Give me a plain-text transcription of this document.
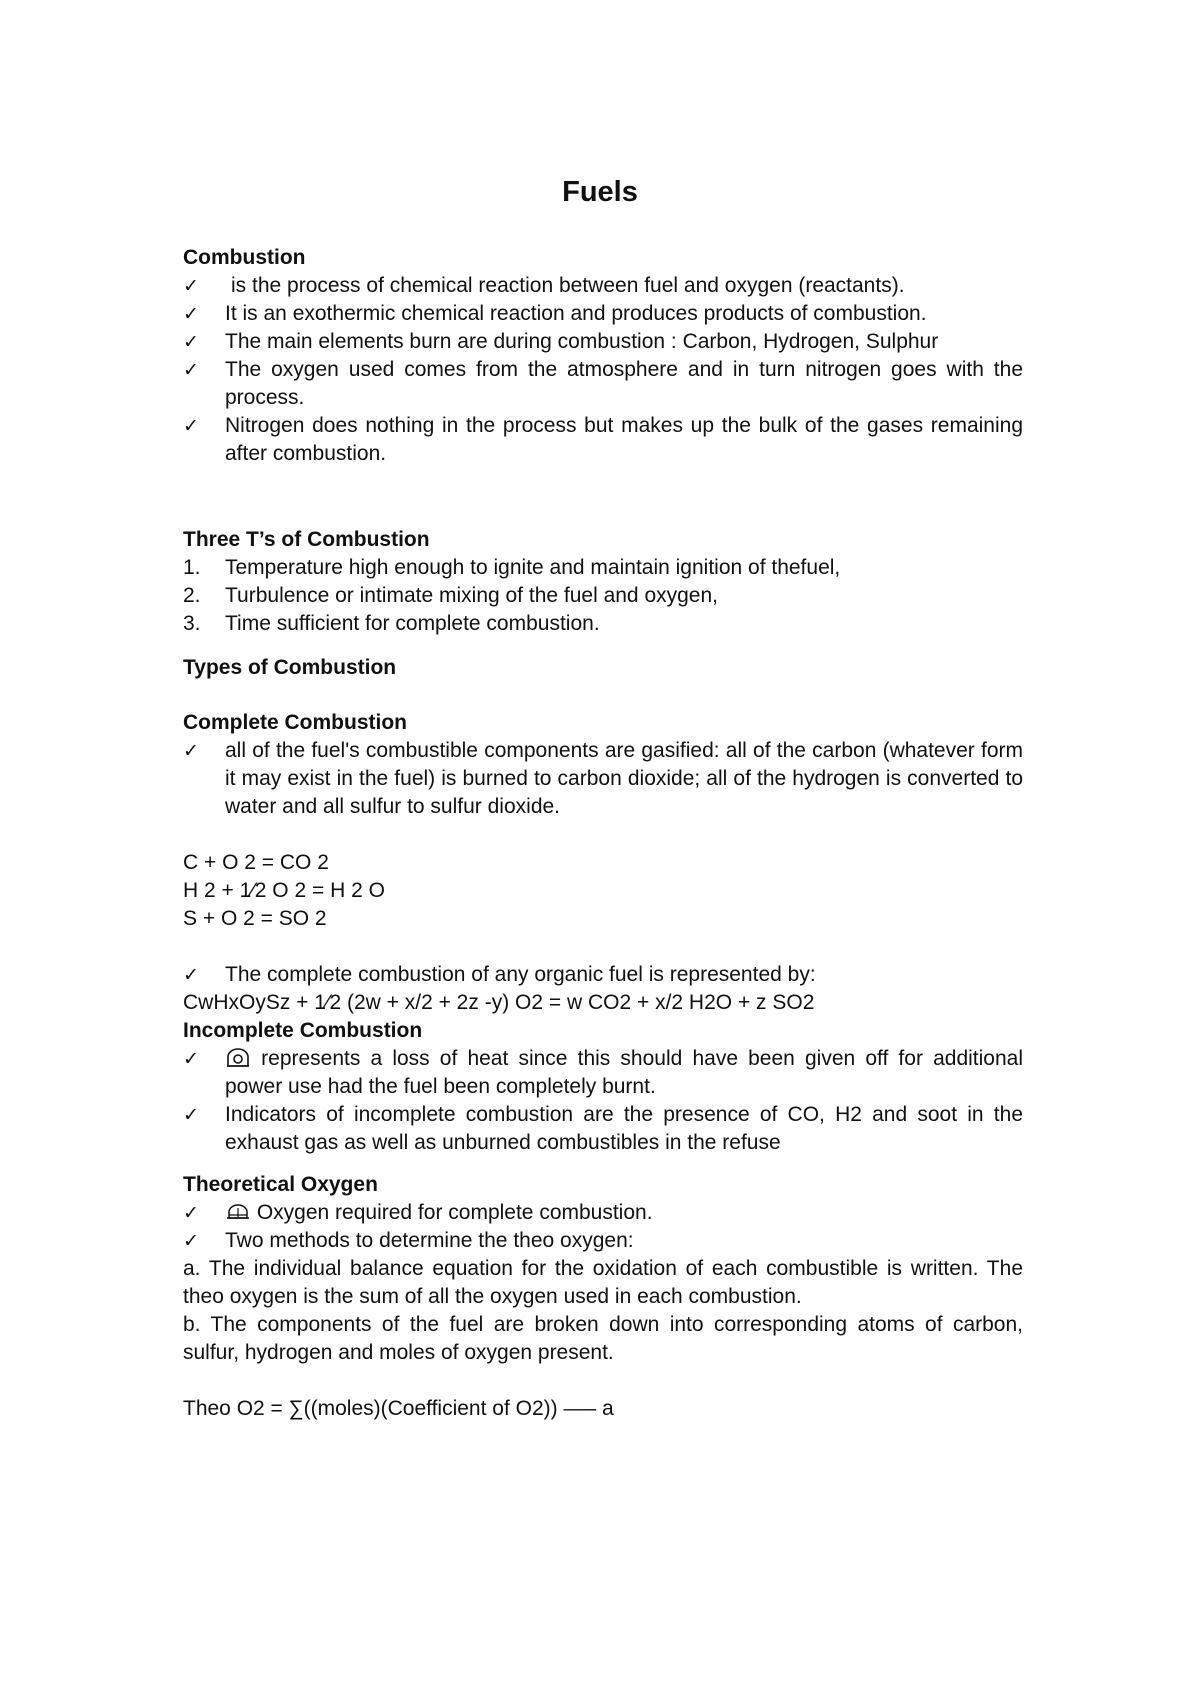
Fuels
Combustion
✓	is the process of chemical reaction between fuel and oxygen (reactants).
✓	It is an exothermic chemical reaction and produces products of combustion.
✓	The main elements burn are during combustion : Carbon, Hydrogen, Sulphur
✓	The oxygen used comes from the atmosphere and in turn nitrogen goes with the process.
✓	Nitrogen does nothing in the process but makes up the bulk of the gases remaining after combustion.
Three T’s of Combustion
1.	Temperature high enough to ignite and maintain ignition of thefuel,
2.	Turbulence or intimate mixing of the fuel and oxygen,
3.	Time sufficient for complete combustion.
Types of Combustion
Complete Combustion
✓	all of the fuel's combustible components are gasified: all of the carbon (whatever form it may exist in the fuel) is burned to carbon dioxide; all of the hydrogen is converted to water and all sulfur to sulfur dioxide.
C + O 2 = CO 2
H 2 + 1⁄2 O 2 = H 2 O
S + O 2 = SO 2
✓	The complete combustion of any organic fuel is represented by:
CwHxOySz + 1⁄2 (2w + x/2 + 2z -y) O2 = w CO2 + x/2 H2O + z SO2
Incomplete Combustion
✓	represents a loss of heat since this should have been given off for additional power use had the fuel been completely burnt.
✓	Indicators of incomplete combustion are the presence of CO, H2 and soot in the exhaust gas as well as unburned combustibles in the refuse
Theoretical Oxygen
✓	Oxygen required for complete combustion.
✓	Two methods to determine the theo oxygen:
a. The individual balance equation for the oxidation of each combustible is written. The theo oxygen is the sum of all the oxygen used in each combustion.
b. The components of the fuel are broken down into corresponding atoms of carbon, sulfur, hydrogen and moles of oxygen present.
Theo O2 = ∑((moles)(Coefficient of O2)) —– a
